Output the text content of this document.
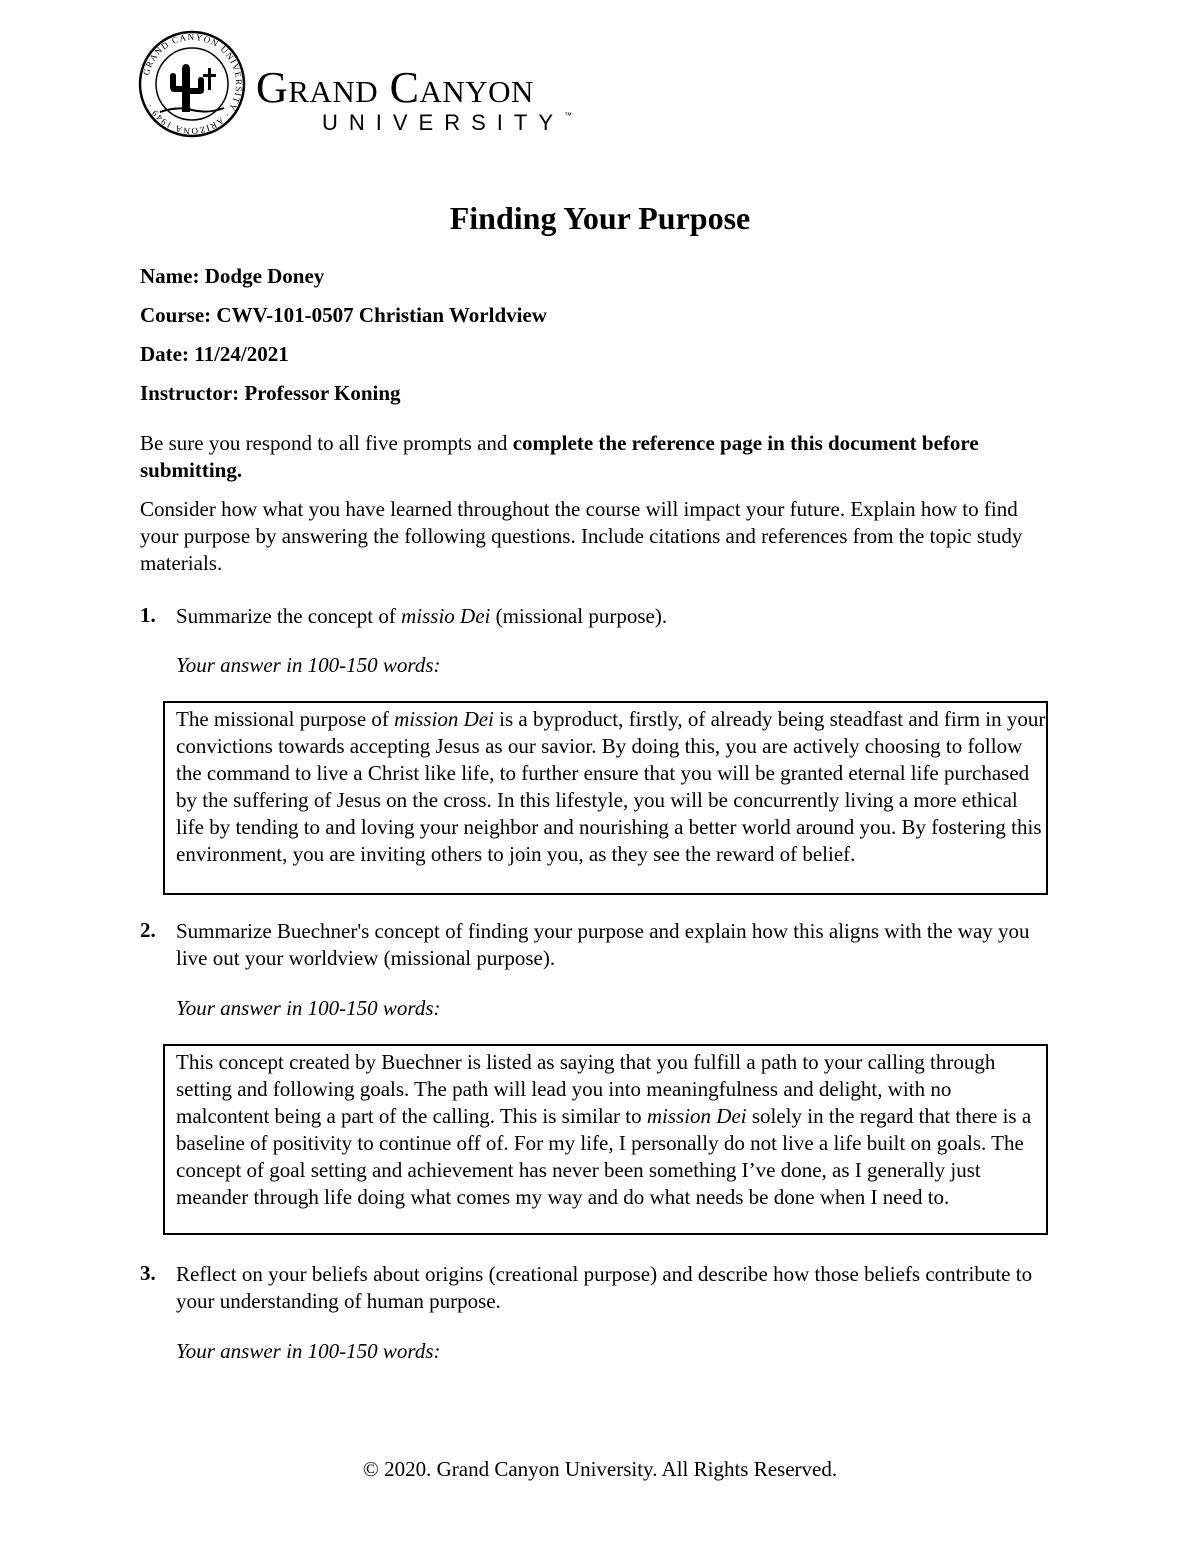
GRAND CANYON UNIVERSITY · ARIZONA 1949 ·	Grand Canyon
UNIVERSITY™
Finding Your Purpose
Name: Dodge Doney
Course: CWV-101-0507 Christian Worldview
Date: 11/24/2021
Instructor: Professor Koning
Be sure you respond to all five prompts and complete the reference page in this document before submitting.
Consider how what you have learned throughout the course will impact your future. Explain how to find your purpose by answering the following questions. Include citations and references from the topic study materials.
1. Summarize the concept of missio Dei (missional purpose).
Your answer in 100-150 words:
The missional purpose of mission Dei is a byproduct, firstly, of already being steadfast and firm in your convictions towards accepting Jesus as our savior. By doing this, you are actively choosing to follow the command to live a Christ like life, to further ensure that you will be granted eternal life purchased by the suffering of Jesus on the cross. In this lifestyle, you will be concurrently living a more ethical life by tending to and loving your neighbor and nourishing a better world around you. By fostering this environment, you are inviting others to join you, as they see the reward of belief.
2. Summarize Buechner's concept of finding your purpose and explain how this aligns with the way you live out your worldview (missional purpose).
Your answer in 100-150 words:
This concept created by Buechner is listed as saying that you fulfill a path to your calling through setting and following goals. The path will lead you into meaningfulness and delight, with no malcontent being a part of the calling. This is similar to mission Dei solely in the regard that there is a baseline of positivity to continue off of. For my life, I personally do not live a life built on goals. The concept of goal setting and achievement has never been something I’ve done, as I generally just meander through life doing what comes my way and do what needs be done when I need to.
3. Reflect on your beliefs about origins (creational purpose) and describe how those beliefs contribute to your understanding of human purpose.
Your answer in 100-150 words:
© 2020. Grand Canyon University. All Rights Reserved.
